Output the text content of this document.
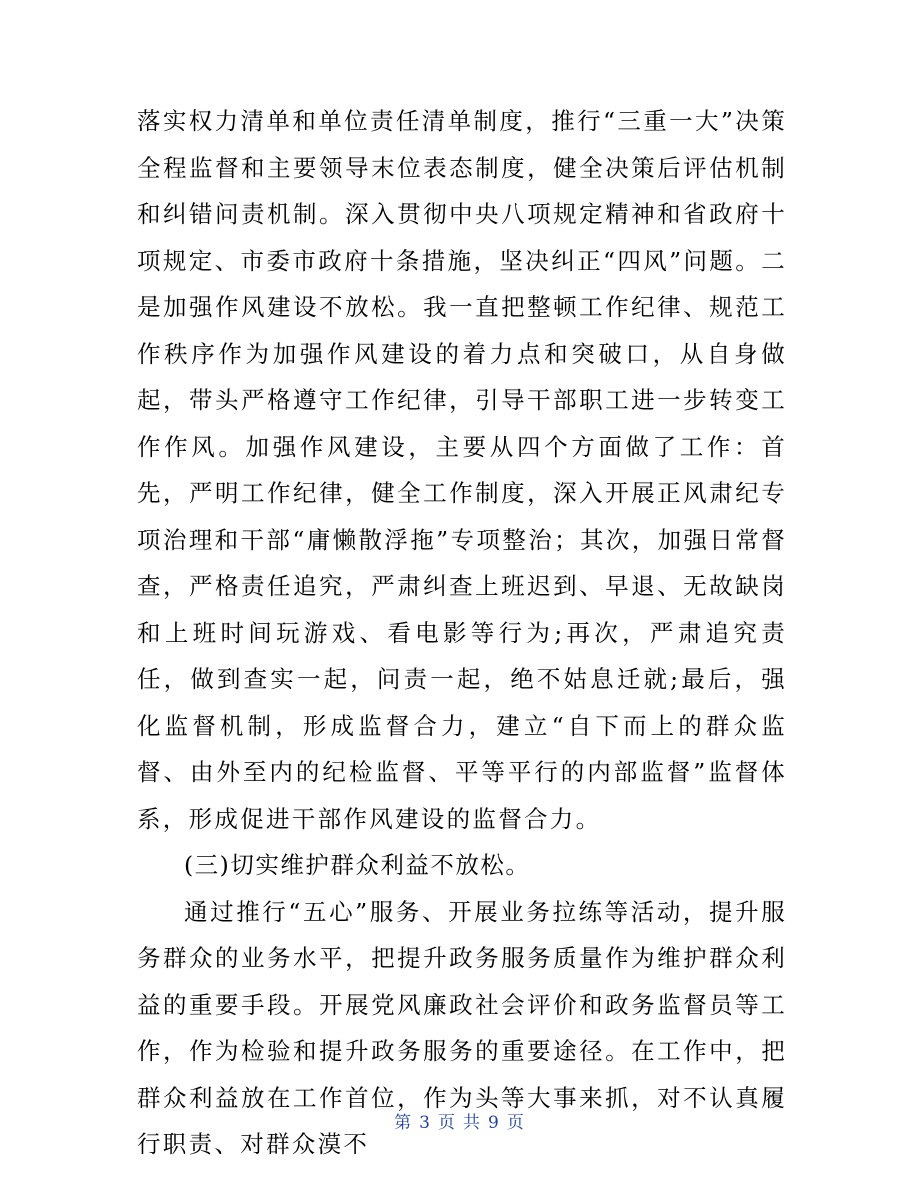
落实权力清单和单位责任清单制度，推行“三重一大”决策全程监督和主要领导末位表态制度，健全决策后评估机制和纠错问责机制。深入贯彻中央八项规定精神和省政府十项规定、市委市政府十条措施，坚决纠正“四风”问题。二是加强作风建设不放松。我一直把整顿工作纪律、规范工作秩序作为加强作风建设的着力点和突破口，从自身做起，带头严格遵守工作纪律，引导干部职工进一步转变工作作风。加强作风建设，主要从四个方面做了工作：首先，严明工作纪律，健全工作制度，深入开展正风肃纪专项治理和干部“庸懒散浮拖”专项整治；其次，加强日常督查，严格责任追究，严肃纠查上班迟到、早退、无故缺岗和上班时间玩游戏、看电影等行为;再次，严肃追究责任，做到查实一起，问责一起，绝不姑息迁就;最后，强化监督机制，形成监督合力，建立“自下而上的群众监督、由外至内的纪检监督、平等平行的内部监督”监督体系，形成促进干部作风建设的监督合力。

(三)切实维护群众利益不放松。

通过推行“五心”服务、开展业务拉练等活动，提升服务群众的业务水平，把提升政务服务质量作为维护群众利益的重要手段。开展党风廉政社会评价和政务监督员等工作，作为检验和提升政务服务的重要途径。在工作中，把群众利益放在工作首位，作为头等大事来抓，对不认真履行职责、对群众漠不

第 3 页 共 9 页
